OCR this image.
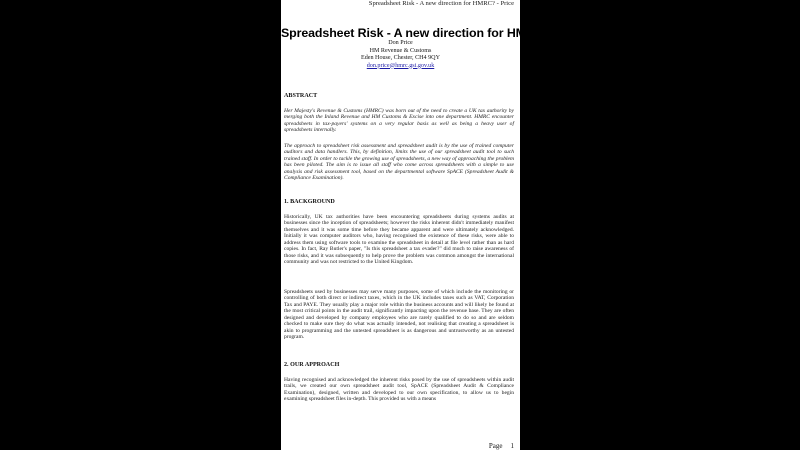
Spreadsheet Risk - A new direction for HMRC? - Price
Spreadsheet Risk - A new direction for HMRC?
Don Price
HM Revenue & Customs
Eden House, Chester, CH4 9QY
don.price@hmrc.gsi.gov.uk
ABSTRACT
Her Majesty's Revenue & Customs (HMRC) was born out of the need to create a UK tax authority by merging both the Inland Revenue and HM Customs & Excise into one department. HMRC encounter spreadsheets in tax-payers' systems on a very regular basis as well as being a heavy user of spreadsheets internally.
The approach to spreadsheet risk assessment and spreadsheet audit is by the use of trained computer auditors and data handlers. This, by definition, limits the use of our spreadsheet audit tool to such trained staff. In order to tackle the growing use of spreadsheets, a new way of approaching the problem has been piloted. The aim is to issue all staff who come across spreadsheets with a simple to use analysis and risk assessment tool, based on the departmental software SpACE (Spreadsheet Audit & Compliance Examination).
1. BACKGROUND
Historically, UK tax authorities have been encountering spreadsheets during systems audits at businesses since the inception of spreadsheets; however the risks inherent didn't immediately manifest themselves and it was some time before they became apparent and were ultimately acknowledged. Initially it was computer auditors who, having recognised the existence of these risks, were able to address them using software tools to examine the spreadsheet in detail at file level rather than as hard copies. In fact, Ray Butler's paper, "Is this spreadsheet a tax evader?" did much to raise awareness of those risks, and it was subsequently to help prove the problem was common amongst the international community and was not restricted to the United Kingdom.
Spreadsheets used by businesses may serve many purposes, some of which include the monitoring or controlling of both direct or indirect taxes, which in the UK includes taxes such as VAT, Corporation Tax and PAYE. They usually play a major role within the business accounts and will likely be found at the most critical points in the audit trail, significantly impacting upon the revenue base. They are often designed and developed by company employees who are rarely qualified to do so and are seldom checked to make sure they do what was actually intended, not realising that creating a spreadsheet is akin to programming and the untested spreadsheet is as dangerous and untrustworthy as an untested program.
2. OUR APPROACH
Having recognised and acknowledged the inherent risks posed by the use of spreadsheets within audit trails, we created our own spreadsheet audit tool, SpACE (Spreadsheet Audit & Compliance Examination), designed, written and developed to our own specification, to allow us to begin examining spreadsheet files in-depth. This provided us with a means
Page 1
